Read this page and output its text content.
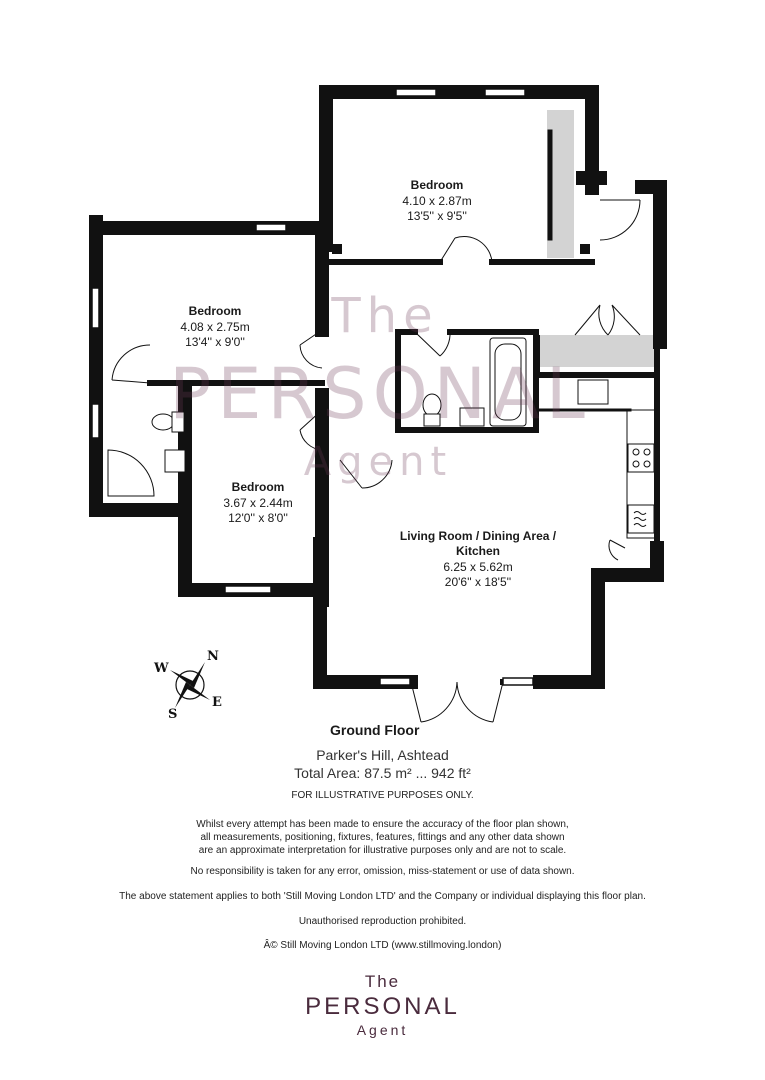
The
PERSONAL
Agent
Bedroom
4.10 x 2.87m
13'5'' x 9'5''
Bedroom
4.08 x 2.75m
13'4'' x 9'0''
Bedroom
3.67 x 2.44m
12'0'' x 8'0''
Living Room / Dining Area /
Kitchen
6.25 x 5.62m
20'6'' x 18'5''
N
W
S
E
Ground Floor
Parker's Hill, Ashtead
Total Area: 87.5 m² ... 942 ft²
FOR ILLUSTRATIVE PURPOSES ONLY.
Whilst every attempt has been made to ensure the accuracy of the floor plan shown,
all measurements, positioning, fixtures, features, fittings and any other data shown
are an approximate interpretation for illustrative purposes only and are not to scale.
No responsibility is taken for any error, omission, miss-statement or use of data shown.
The above statement applies to both 'Still Moving London LTD' and the Company or individual displaying this floor plan.
Unauthorised reproduction prohibited.
Â© Still Moving London LTD (www.stillmoving.london)
The
PERSONAL
Agent
